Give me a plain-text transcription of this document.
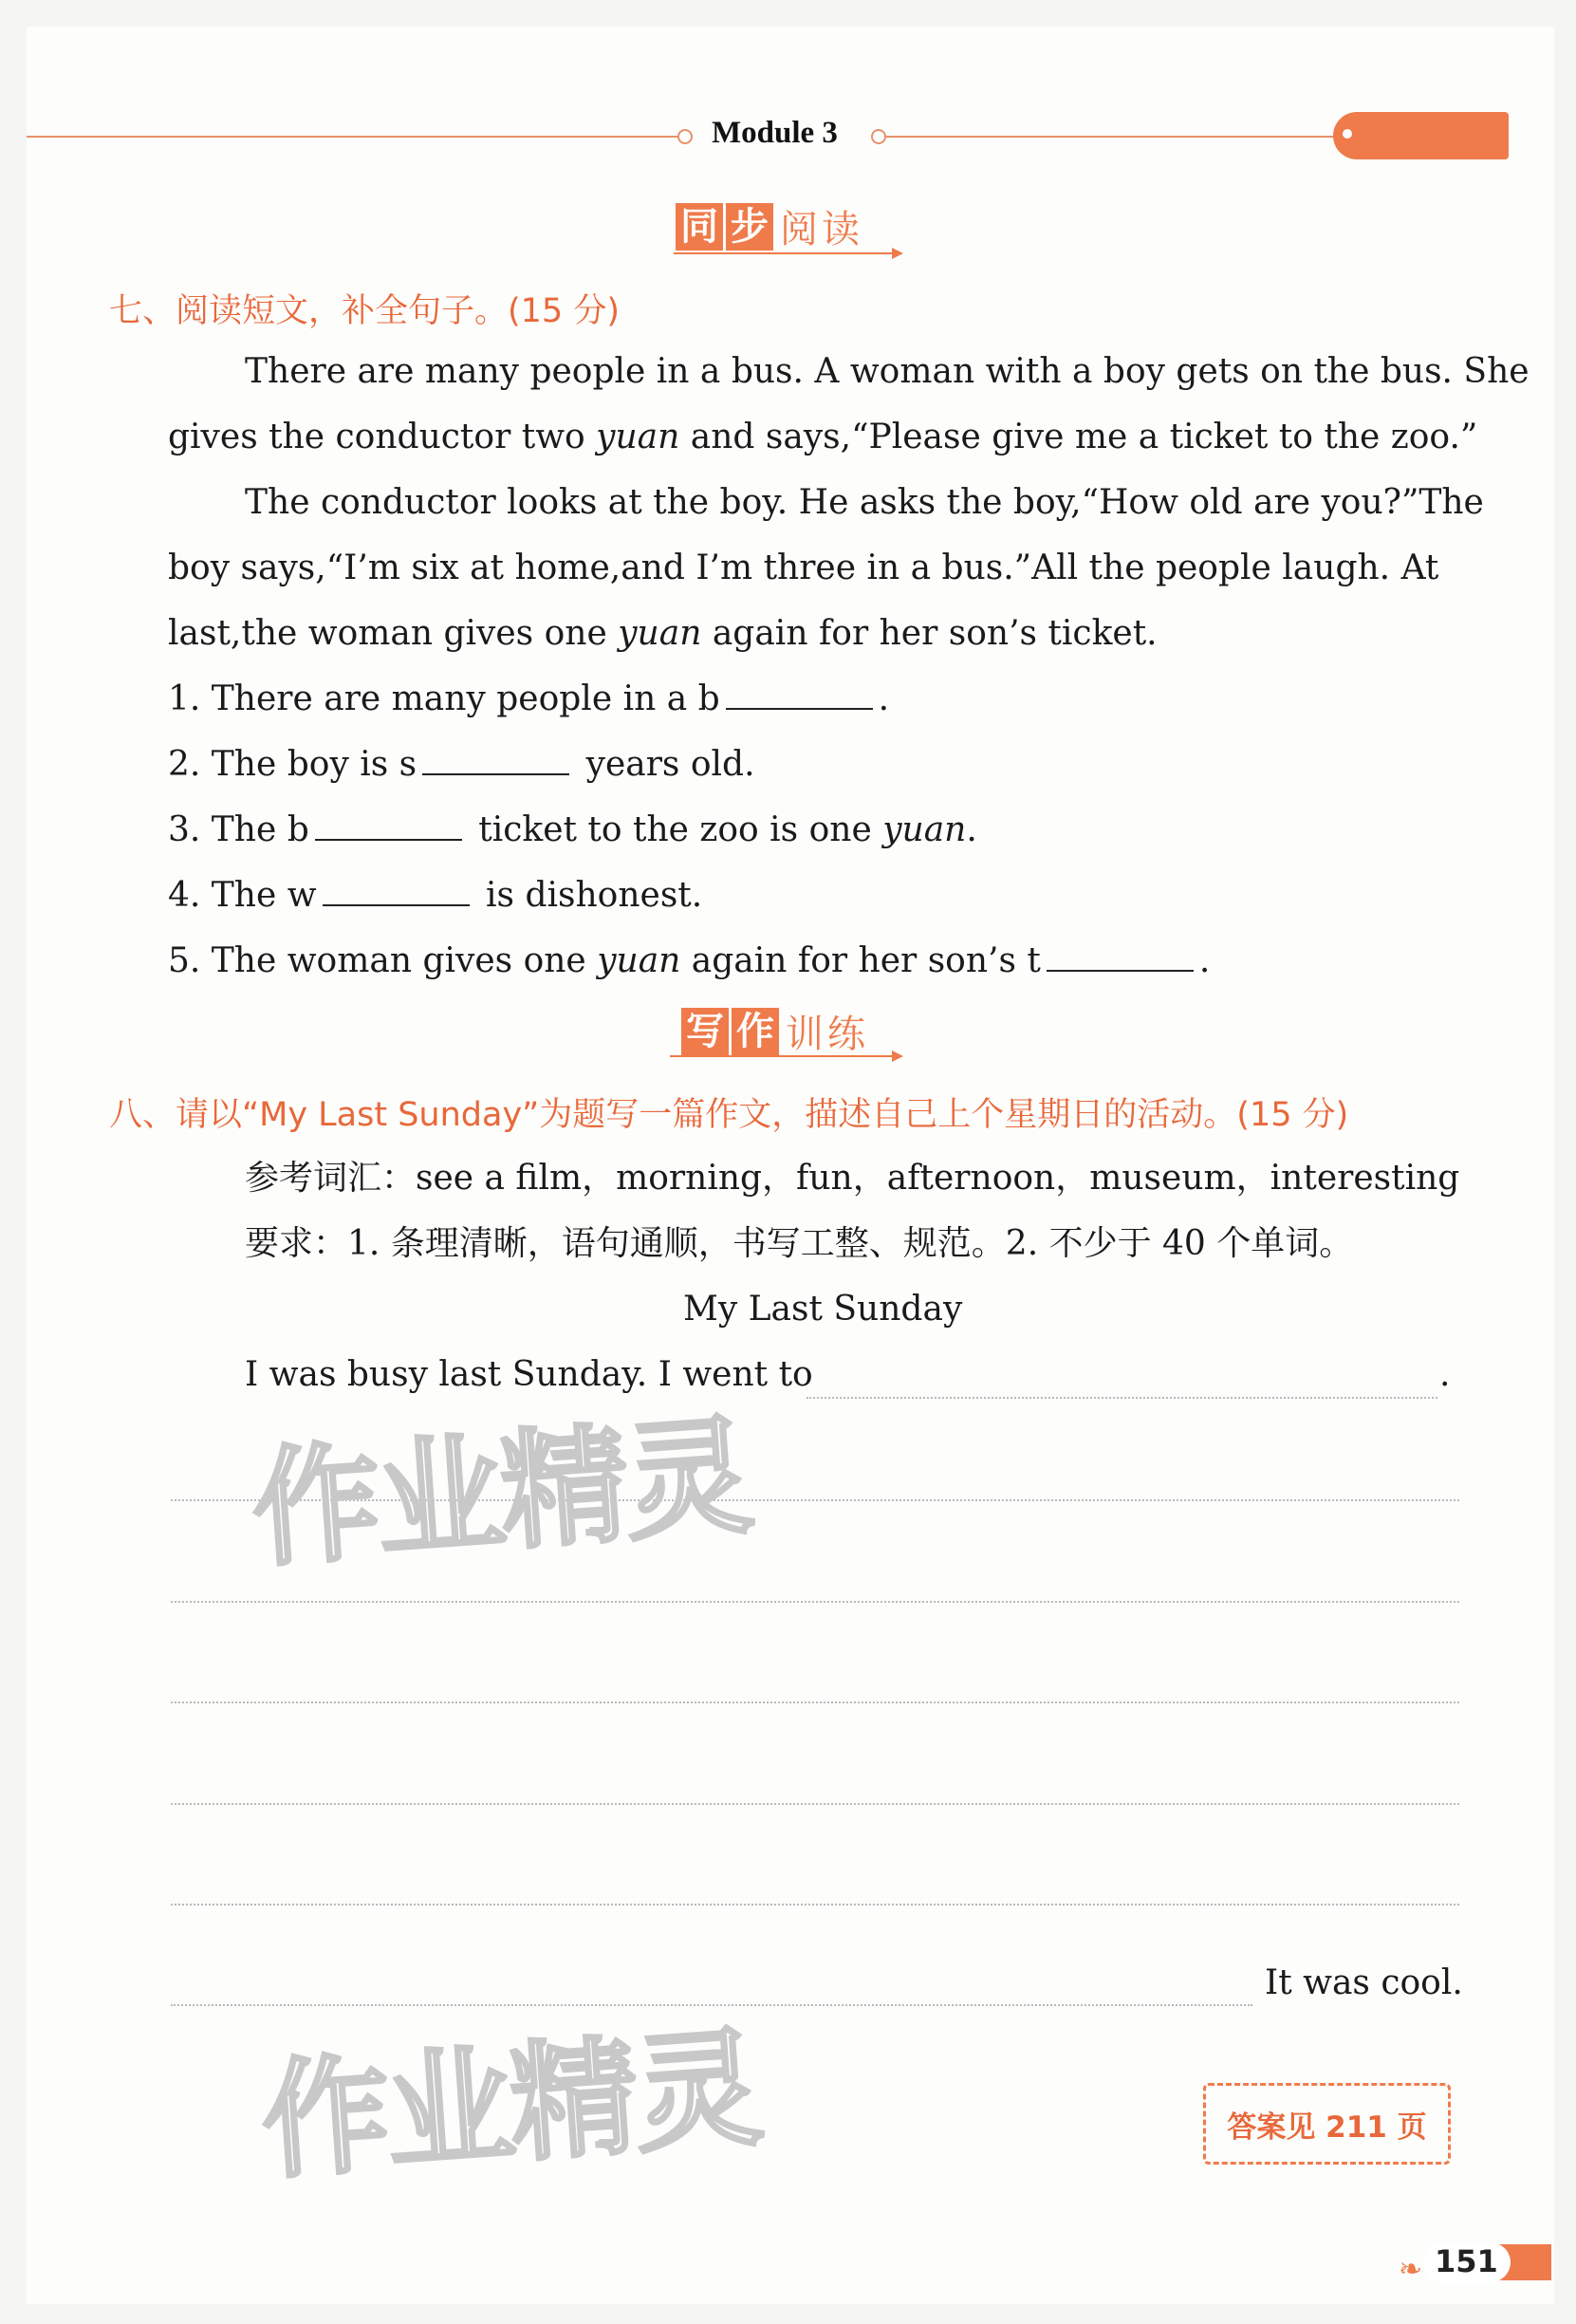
Module 3
同 步 阅读
七、阅读短文，补全句子。(15 分)
There are many people in a bus. A woman with a boy gets on the bus. She
gives the conductor two yuan and says,“Please give me a ticket to the zoo.”
The conductor looks at the boy. He asks the boy,“How old are you?”The
boy says,“I’m six at home,and I’m three in a bus.”All the people laugh. At
last,the woman gives one yuan again for her son’s ticket.
1. There are many people in a b	.
2. The boy is s	years old.
3. The b	ticket to the zoo is one yuan.
4. The w	is dishonest.
5. The woman gives one yuan again for her son’s t	.
写 作 训练
八、请以“My Last Sunday”为题写一篇作文，描述自己上个星期日的活动。(15 分)
参考词汇：see a film，morning，fun，afternoon，museum，interesting
要求：1. 条理清晰，语句通顺，书写工整、规范。2. 不少于 40 个单词。
My Last Sunday
I was busy last Sunday. I went to	.
It was cool.
作业精灵
作业精灵	答案见 211 页
❧ 151
